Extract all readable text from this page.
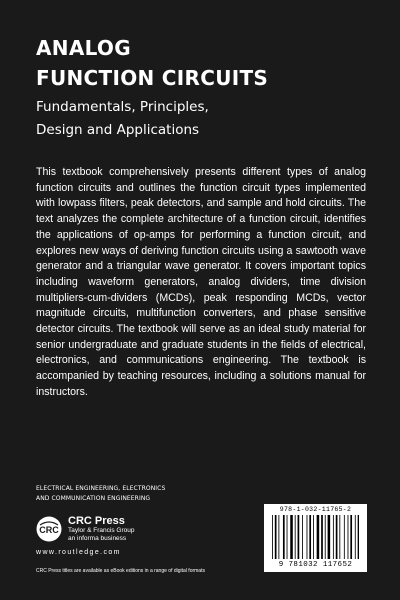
ANALOG
FUNCTION CIRCUITS

Fundamentals, Principles,
Design and Applications

This textbook comprehensively presents different types of analog function circuits and outlines the function circuit types implemented with lowpass filters, peak detectors, and sample and hold circuits. The text analyzes the complete architecture of a function circuit, identifies the applications of op-amps for performing a function circuit, and explores new ways of deriving function circuits using a sawtooth wave generator and a triangular wave generator. It covers important topics including waveform generators, analog dividers, time division multipliers-cum-dividers (MCDs), peak responding MCDs, vector magnitude circuits, multifunction converters, and phase sensitive detector circuits. The textbook will serve as an ideal study material for senior undergraduate and graduate students in the fields of electrical, electronics, and communications engineering. The textbook is accompanied by teaching resources, including a solutions manual for instructors.

ELECTRICAL ENGINEERING, ELECTRONICS
AND COMMUNICATION ENGINEERING

CRC
CRC Press
Taylor & Francis Group
an informa business

www.routledge.com

CRC Press titles are available as eBook editions in a range of digital formats

978-1-032-11765-2
9 781032 117652
